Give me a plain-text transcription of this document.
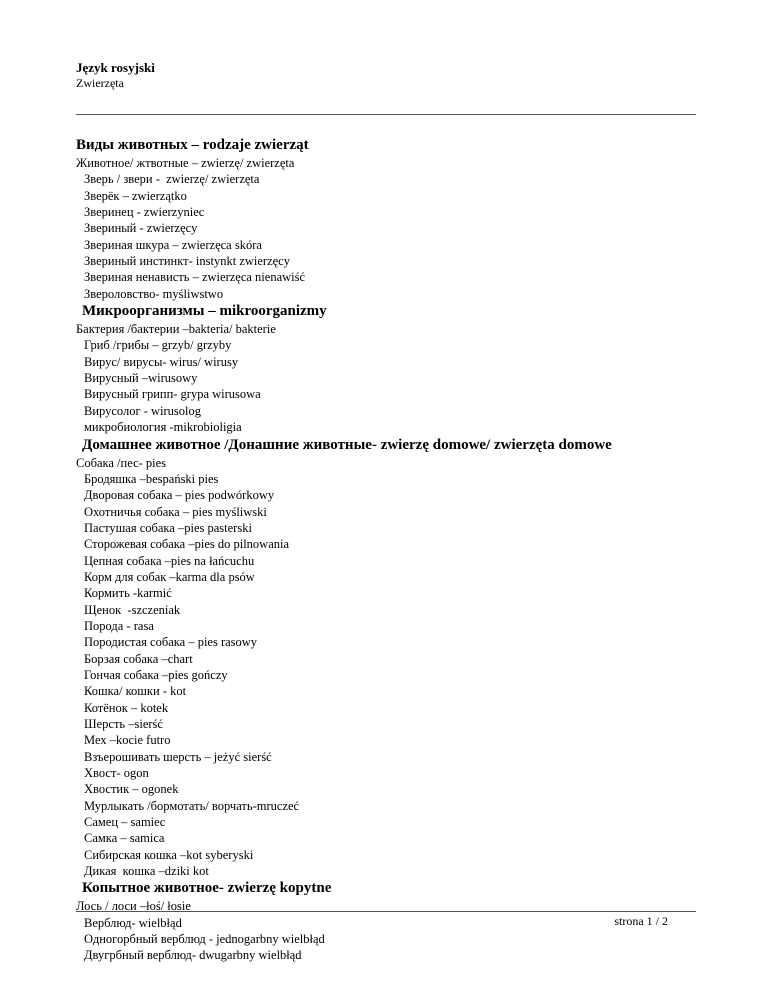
Język rosyjski
Zwierzęta
Виды животных – rodzaje zwierząt
Животное/ жтвотные – zwierzę/ zwierzęta
Зверь / звери -  zwierzę/ zwierzęta
Зверёк – zwierzątko
Зверинец - zwierzyniec
Звериный - zwierzęcy
Звериная шкура – zwierzęca skóra
Звериный инстинкт- instynkt zwierzęcy
Звериная ненависть – zwierzęca nienawiść
Звероловство- myśliwstwo
Микроорганизмы – mikroorganizmy
Бактерия /бактерии –bakteria/ bakterie
Гриб /грибы – grzyb/ grzyby
Вирус/ вирусы- wirus/ wirusy
Вирусный –wirusowy
Вирусный грипп- grypa wirusowa
Вирусолог - wirusolog
микробиология -mikrobioligia
Домашнее животное /Донашние животные- zwierzę domowe/ zwierzęta domowe
Собака /пес- pies
Бродяшка –bespański pies
Дворовая собака – pies podwórkowy
Охотничья собака – pies myśliwski
Пастушая собака –pies pasterski
Сторожевая собака –pies do pilnowania
Цепная собака –pies na łańcuchu
Корм для собак –karma dla psów
Кормить -karmić
Щенок  -szczeniak
Порода - rasa
Породистая собака – pies rasowy
Борзая собака –chart
Гончая собака –pies gończy
Кошка/ кошки - kot
Котёнок – kotek
Шерсть –sierść
Мех –kocie futro
Взъерошивать шерсть – jeżyć sierść
Хвост- ogon
Хвостик – ogonek
Мурлыкать /бормотать/ ворчать-mruczeć
Самец – samiec
Самка – samica
Сибирская кошка –kot syberyski
Дикая  кошка –dziki kot
Копытное животное- zwierzę kopytne
Лось / лоси –łoś/ łosie
Верблюд- wielbłąd
Одногорбный верблюд - jednogarbny wielbłąd
Двугрбный верблюд- dwugarbny wielbłąd
strona 1 / 2
